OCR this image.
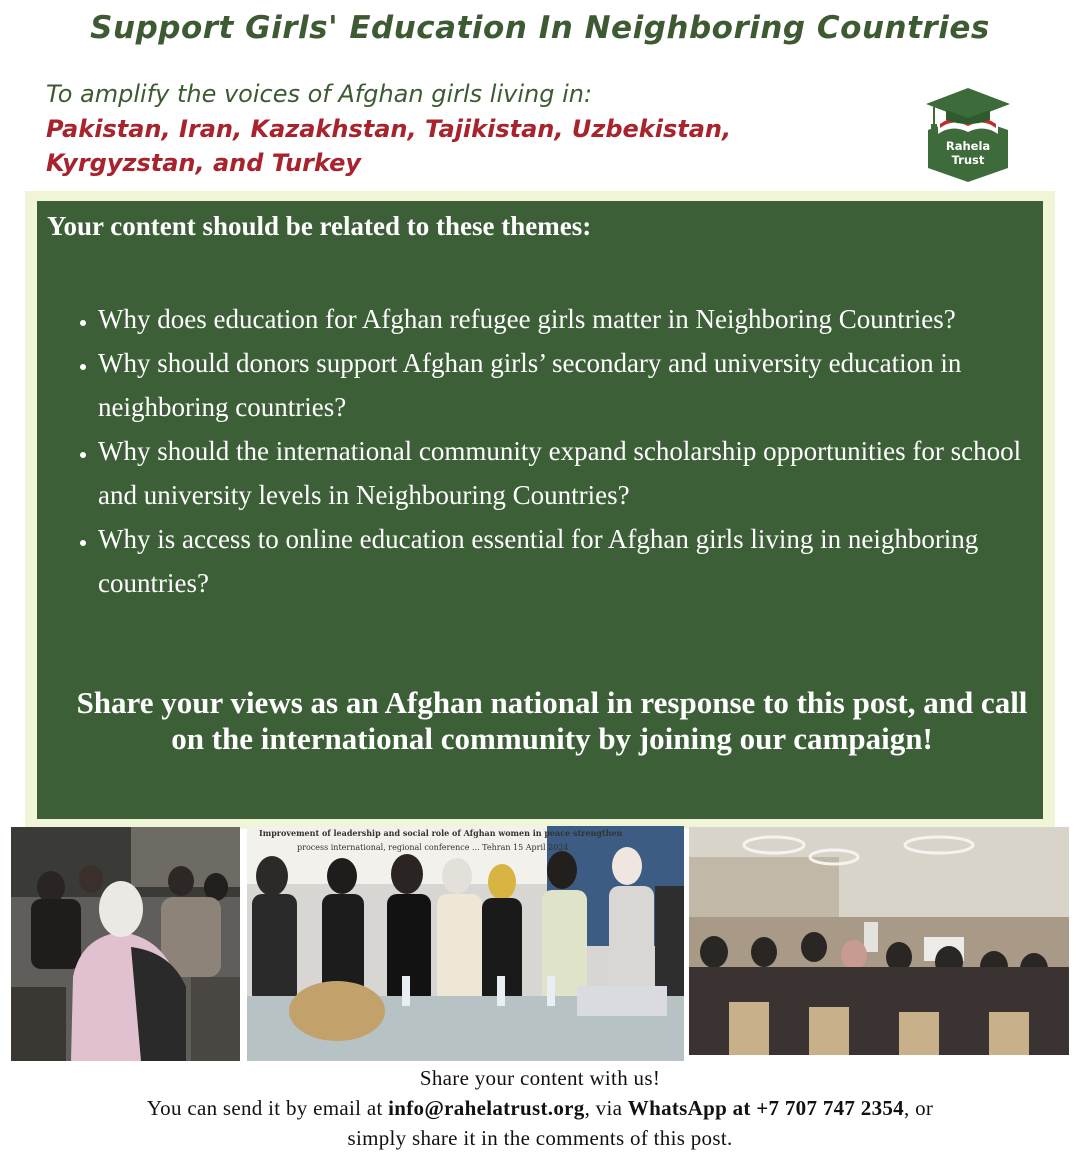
Support Girls' Education In Neighboring Countries
To amplify the voices of Afghan girls living in:
Pakistan, Iran, Kazakhstan, Tajikistan, Uzbekistan, Kyrgyzstan, and Turkey
Rahela
Trust
Your content should be related to these themes:
• Why does education for Afghan refugee girls matter in Neighboring Countries?
• Why should donors support Afghan girls’ secondary and university education in neighboring countries?
• Why should the international community expand scholarship opportunities for school and university levels in Neighbouring Countries?
• Why is access to online education essential for Afghan girls living in neighboring countries?
Share your views as an Afghan national in response to this post, and call on the international community by joining our campaign!
Improvement of leadership and social role of Afghan women in peace strengthen
process international, regional conference ... Tehran 15 April 2024
Share your content with us!
You can send it by email at info@rahelatrust.org, via WhatsApp at +7 707 747 2354, or
simply share it in the comments of this post.
